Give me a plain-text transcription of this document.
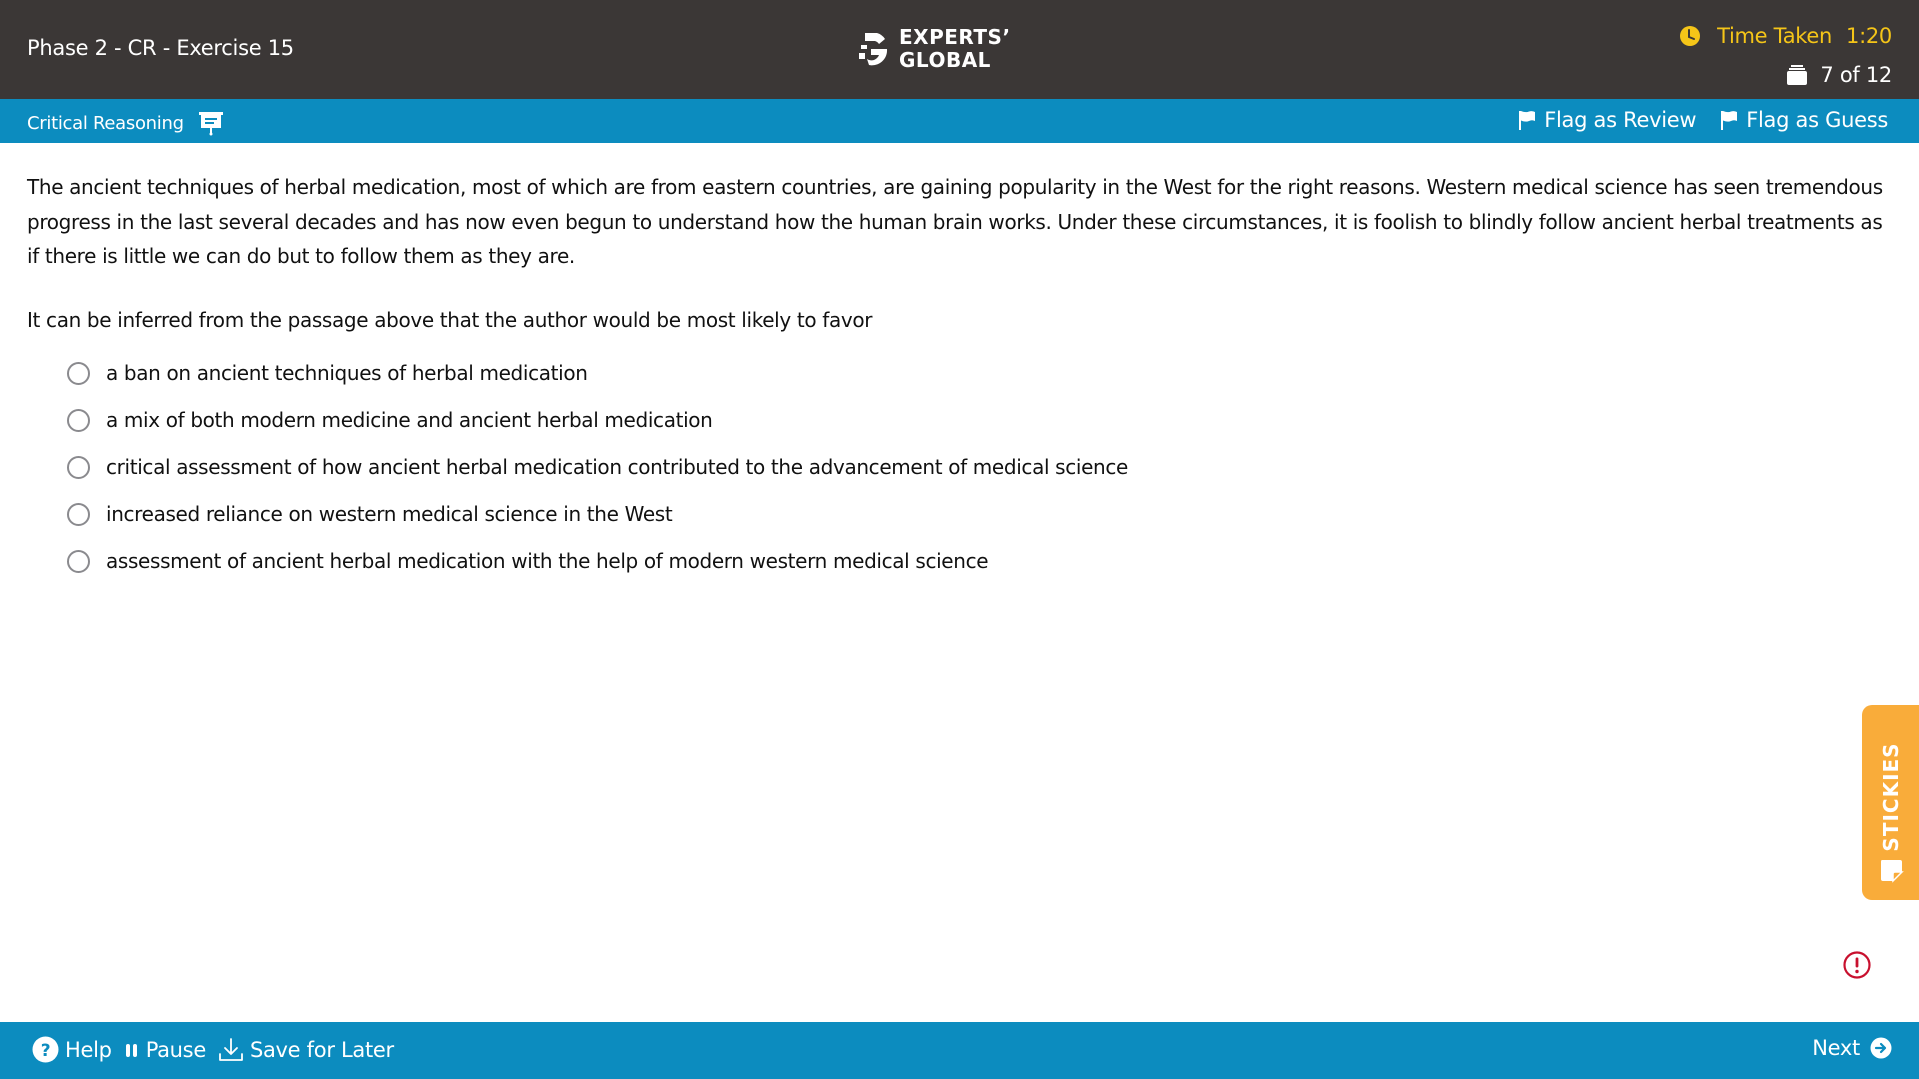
Phase 2 - CR - Exercise 15	EXPERTS’
GLOBAL
Time Taken 1:20
7 of 12
Critical Reasoning	Flag as Review Flag as Guess

The ancient techniques of herbal medication, most of which are from eastern countries, are gaining popularity in the West for the right reasons. Western medical science has seen tremendous progress in the last several decades and has now even begun to understand how the human brain works. Under these circumstances, it is foolish to blindly follow ancient herbal treatments as if there is little we can do but to follow them as they are.

It can be inferred from the passage above that the author would be most likely to favor

a ban on ancient techniques of herbal medication
a mix of both modern medicine and ancient herbal medication
critical assessment of how ancient herbal medication contributed to the advancement of medical science
increased reliance on western medical science in the West
assessment of ancient herbal medication with the help of modern western medical science
STICKIES
? Help Pause Save for Later	Next
